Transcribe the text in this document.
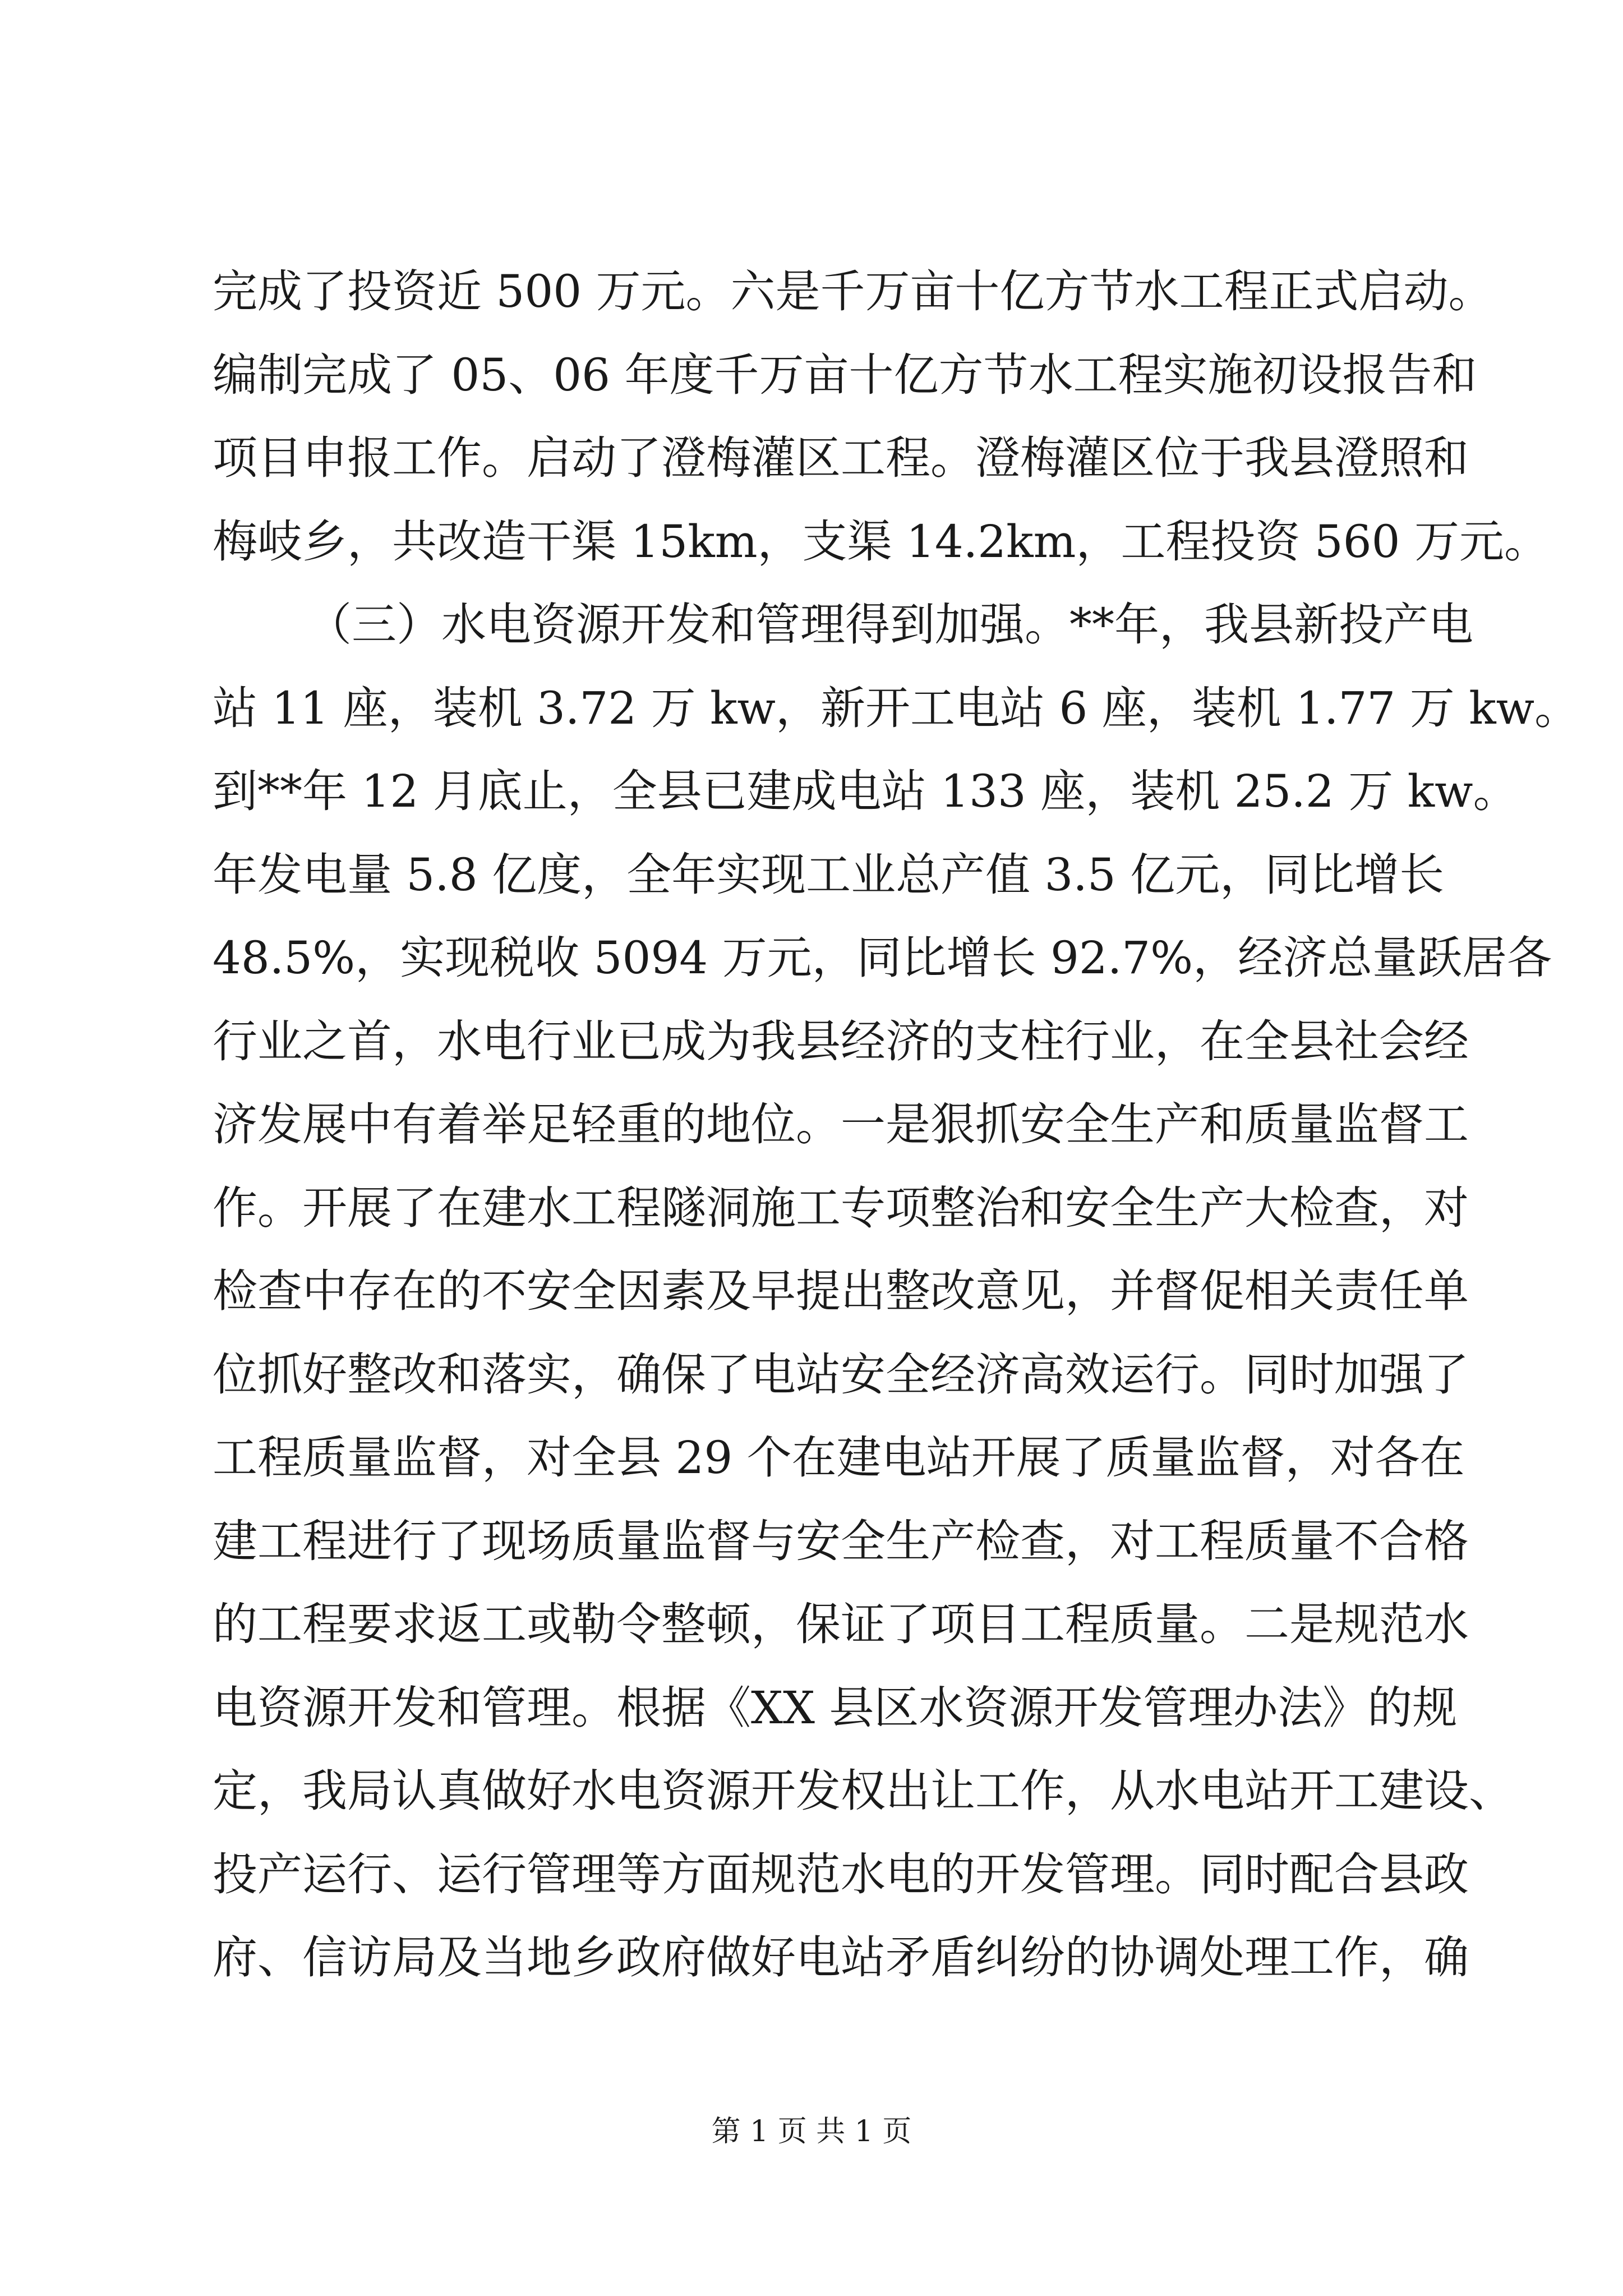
完成了投资近 500 万元。六是千万亩十亿方节水工程正式启动。
编制完成了 05、06 年度千万亩十亿方节水工程实施初设报告和
项目申报工作。启动了澄梅灌区工程。澄梅灌区位于我县澄照和
梅岐乡，共改造干渠 15km，支渠 14.2km，工程投资 560 万元。
（三）水电资源开发和管理得到加强。**年，我县新投产电
站 11 座，装机 3.72 万 kw，新开工电站 6 座，装机 1.77 万 kw。
到**年 12 月底止，全县已建成电站 133 座，装机 25.2 万 kw。
年发电量 5.8 亿度，全年实现工业总产值 3.5 亿元，同比增长
48.5%，实现税收 5094 万元，同比增长 92.7%，经济总量跃居各
行业之首，水电行业已成为我县经济的支柱行业，在全县社会经
济发展中有着举足轻重的地位。一是狠抓安全生产和质量监督工
作。开展了在建水工程隧洞施工专项整治和安全生产大检查，对
检查中存在的不安全因素及早提出整改意见，并督促相关责任单
位抓好整改和落实，确保了电站安全经济高效运行。同时加强了
工程质量监督，对全县 29 个在建电站开展了质量监督，对各在
建工程进行了现场质量监督与安全生产检查，对工程质量不合格
的工程要求返工或勒令整顿，保证了项目工程质量。二是规范水
电资源开发和管理。根据《XX 县区水资源开发管理办法》的规
定，我局认真做好水电资源开发权出让工作，从水电站开工建设、
投产运行、运行管理等方面规范水电的开发管理。同时配合县政
府、信访局及当地乡政府做好电站矛盾纠纷的协调处理工作，确
第 1 页 共 1 页
